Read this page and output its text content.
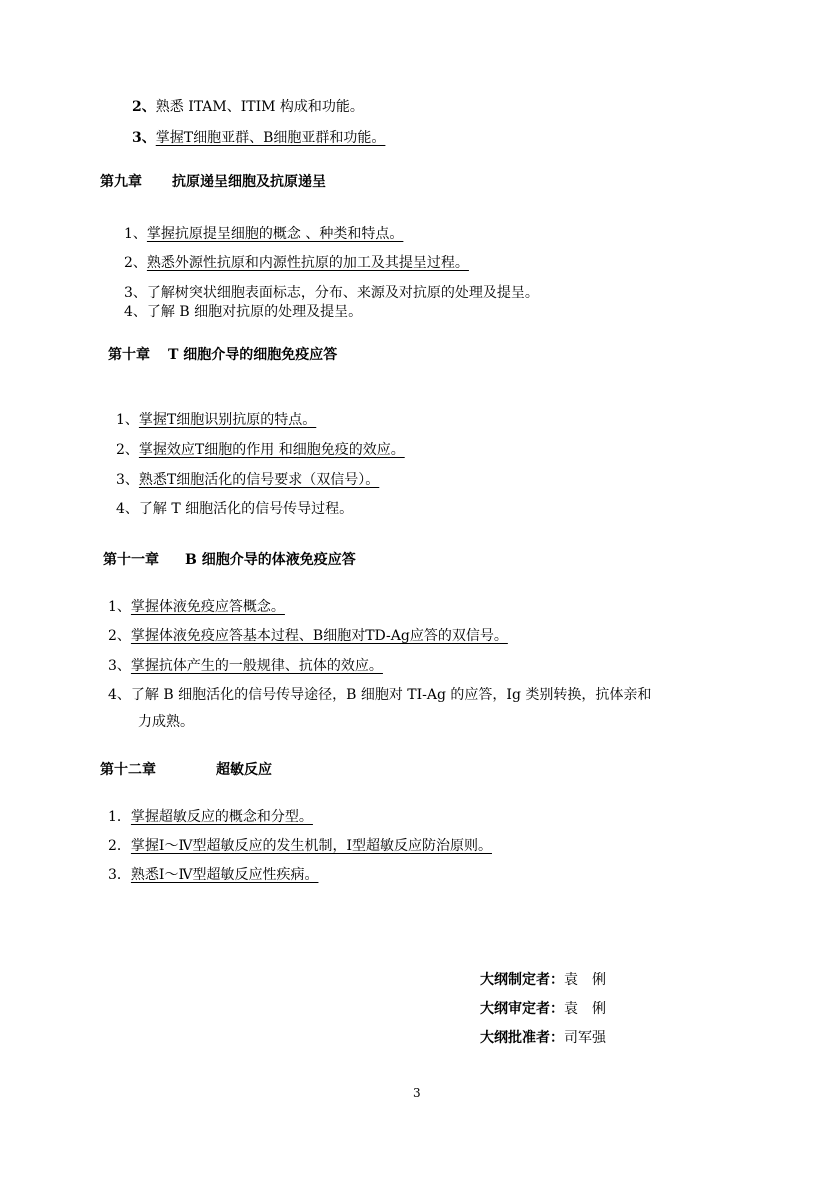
2、熟悉 ITAM、ITIM 构成和功能。
3、掌握T细胞亚群、B细胞亚群和功能。
第九章 抗原递呈细胞及抗原递呈
1、掌握抗原提呈细胞的概念 、种类和特点。
2、熟悉外源性抗原和内源性抗原的加工及其提呈过程。
3、了解树突状细胞表面标志，分布、来源及对抗原的处理及提呈。
4、了解 B 细胞对抗原的处理及提呈。
第十章 T 细胞介导的细胞免疫应答
1、掌握T细胞识别抗原的特点。
2、掌握效应T细胞的作用 和细胞免疫的效应。
3、熟悉T细胞活化的信号要求（双信号）。
4、了解 T 细胞活化的信号传导过程。
第十一章 B 细胞介导的体液免疫应答
1、掌握体液免疫应答概念。
2、掌握体液免疫应答基本过程、B细胞对TD-Ag应答的双信号。
3、掌握抗体产生的一般规律、抗体的效应。
4、了解 B 细胞活化的信号传导途径，B 细胞对 TI-Ag 的应答，Ig 类别转换，抗体亲和
力成熟。
第十二章	超敏反应
1．掌握超敏反应的概念和分型。
2．掌握Ⅰ～Ⅳ型超敏反应的发生机制，Ⅰ型超敏反应防治原则。
3．熟悉Ⅰ～Ⅳ型超敏反应性疾病。
大纲制定者：袁　俐
大纲审定者：袁　俐
大纲批准者：司军强
3
